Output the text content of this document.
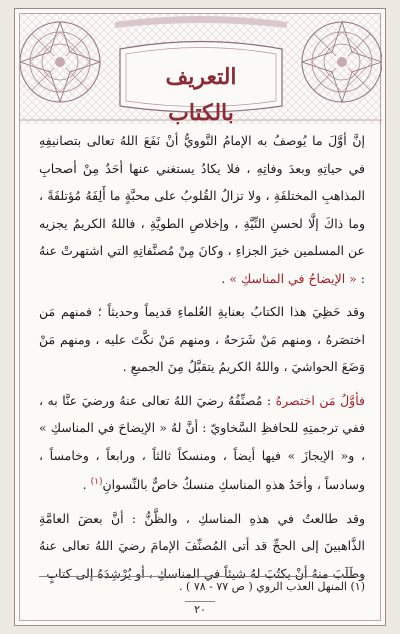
التعريف بالكتاب

إنَّ أوَّلَ ما يُوصفُ به الإمامُ النَّوويُّ أنْ نَفَعَ اللهُ تعالى بتصانيفِهِ في حياتِهِ وبعدَ وفاتِهِ ، فلا يكادُ يستغني عنها أحَدٌ مِنْ أصحابِ المذاهبِ المختلفَةِ ، ولا تزالُ القُلوبُ على محبَّةٍ ما أَلِفَهُ مُؤتلفَةً ، وما ذاكَ إلَّا لحسنِ النِّيَّةِ ، وإخلاصِ الطويَّةِ ، فاللهُ الكريمُ يجزيه عن المسلمين خيرَ الجزاءِ ، وكانَ مِنْ مُصنَّفاتِهِ التي اشتهرتْ عنهُ : « الإيضاحُ في المناسكِ » .

وقد حَظِيَ هذا الكتابُ بعنايةِ العُلماءِ قديماً وحديثاً ؛ فمنهم مَن اختصَرهُ ، ومنهم مَنْ شَرَحهُ ، ومنهم مَنْ نكَّتَ عليه ، ومنهم مَنْ وَضَعَ الحواشيَ ، واللهُ الكريمُ يتقبَّلُ مِنَ الجميعِ .

فأوَّلُ مَن اختصرهُ : مُصنِّفُهُ رضيَ اللهُ تعالى عنهُ ورضيَ عنَّا به ، ففي ترجمتِهِ للحافظِ السَّخاويّ : أنَّ لهُ « الإيضاحَ في المناسكِ » ، و« الإيجازَ » فيها أيضاً ، ومنسكاً ثالثاً ، ورابعاً ، وخامساً ، وسادساً ، وأحَدُ هذهِ المناسكِ منسكٌ خاصٌّ بالنِّسوانِ$^{(١)}$ .

وقد طالعتُ في هذهِ المناسكِ ، والظَّنُّ : أنَّ بعضَ العامَّةِ الذَّاهبينَ إلى الحجِّ قد أتى المُصنِّفَ الإمامَ رضيَ اللهُ تعالى عنهُ وطَلَبَ منهُ أنْ يكتُبَ لهُ شيئاً في المناسكِ ، أو يُرْشِدَهُ إلى كتابٍ

(١) المنهل العذب الروي ( ص ٧٧ - ٧٨ ) .
٢٠
